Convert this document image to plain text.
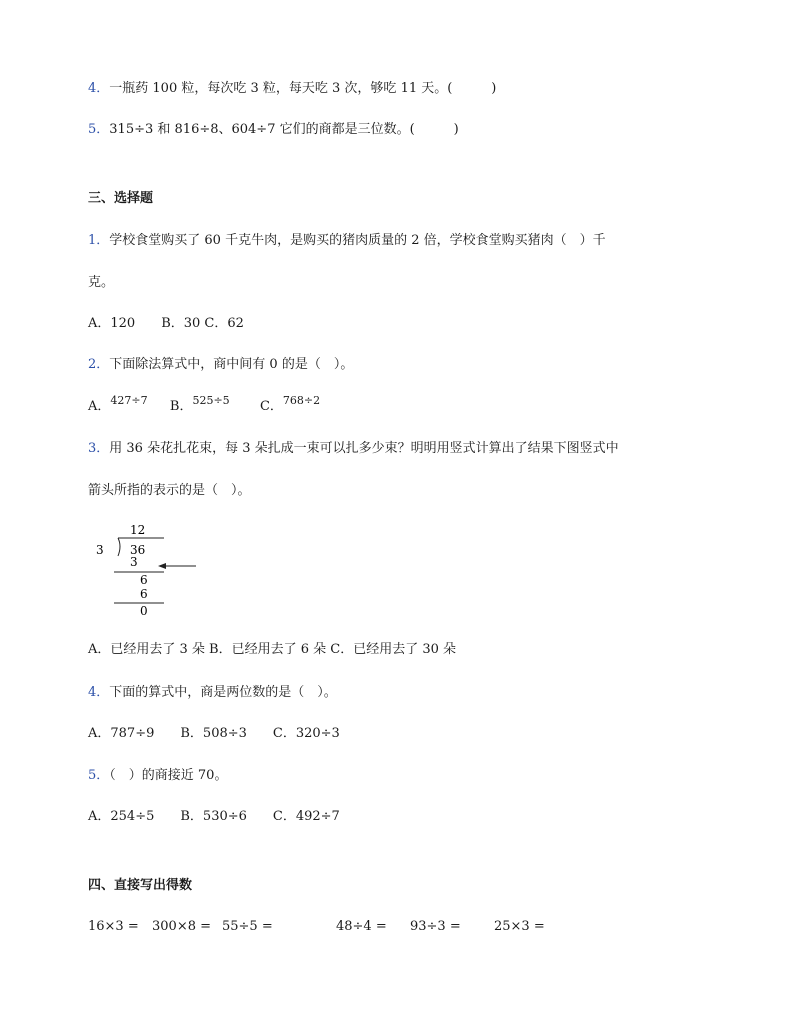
4．一瓶药 100 粒，每次吃 3 粒，每天吃 3 次，够吃 11 天。(　　　)
5．315÷3 和 816÷8、604÷7 它们的商都是三位数。(　　　)
三、选择题
1．学校食堂购买了 60 千克牛肉，是购买的猪肉质量的 2 倍，学校食堂购买猪肉（　）千
克。
A．120　　B．30 C．62
2．下面除法算式中，商中间有 0 的是（　）。
A．$^{427\div 7}$ B．$^{525\div 5}$ C．$^{768\div 2}$
3．用 36 朵花扎花束，每 3 朵扎成一束可以扎多少束？明明用竖式计算出了结果下图竖式中
箭头所指的表示的是（　）。
12
3 36
3
6
6
0
A．已经用去了 3 朵 B．已经用去了 6 朵 C．已经用去了 30 朵
4．下面的算式中，商是两位数的是（　）。
A．787÷9　　B．508÷3　　C．320÷3
5．（　）的商接近 70。
A．254÷5　　B．530÷6　　C．492÷7
四、直接写出得数
16×3 = 300×8 = 55÷5 =	48÷4 = 93÷3 =	25×3 =
